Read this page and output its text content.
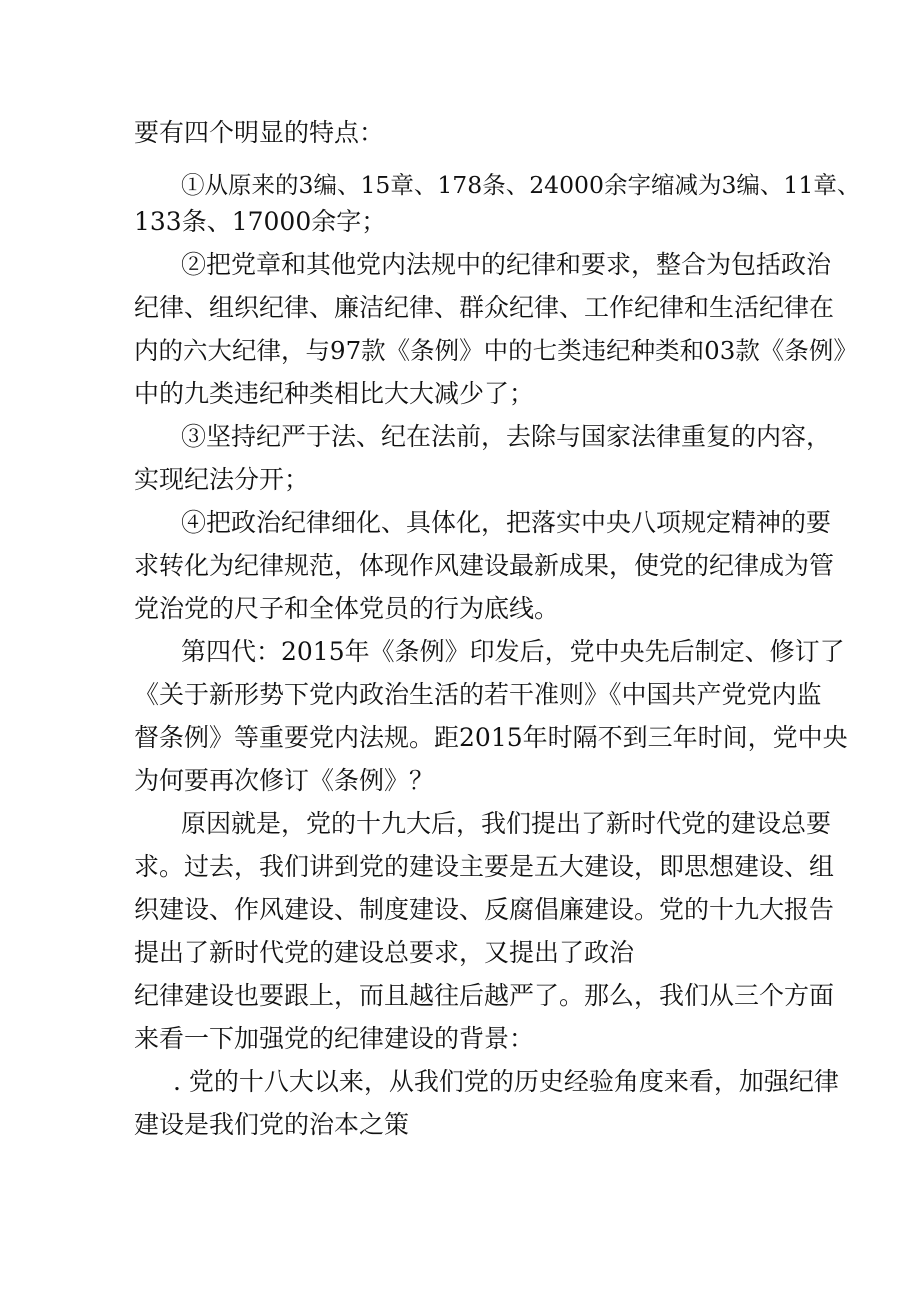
要有四个明显的特点：
①从原来的3编、15章、178条、24000余字缩减为3编、11章、
133条、17000余字；
②把党章和其他党内法规中的纪律和要求，整合为包括政治
纪律、组织纪律、廉洁纪律、群众纪律、工作纪律和生活纪律在
内的六大纪律，与97款《条例》中的七类违纪种类和03款《条例》
中的九类违纪种类相比大大减少了；
③坚持纪严于法、纪在法前，去除与国家法律重复的内容，
实现纪法分开；
④把政治纪律细化、具体化，把落实中央八项规定精神的要
求转化为纪律规范，体现作风建设最新成果，使党的纪律成为管
党治党的尺子和全体党员的行为底线。
第四代：2015年《条例》印发后，党中央先后制定、修订了
《关于新形势下党内政治生活的若干准则》《中国共产党党内监
督条例》等重要党内法规。距2015年时隔不到三年时间，党中央
为何要再次修订《条例》？
原因就是，党的十九大后，我们提出了新时代党的建设总要
求。过去，我们讲到党的建设主要是五大建设，即思想建设、组
织建设、作风建设、制度建设、反腐倡廉建设。党的十九大报告
提出了新时代党的建设总要求，又提出了政治
纪律建设也要跟上，而且越往后越严了。那么，我们从三个方面
来看一下加强党的纪律建设的背景：
. 党的十八大以来，从我们党的历史经验角度来看，加强纪律
建设是我们党的治本之策
